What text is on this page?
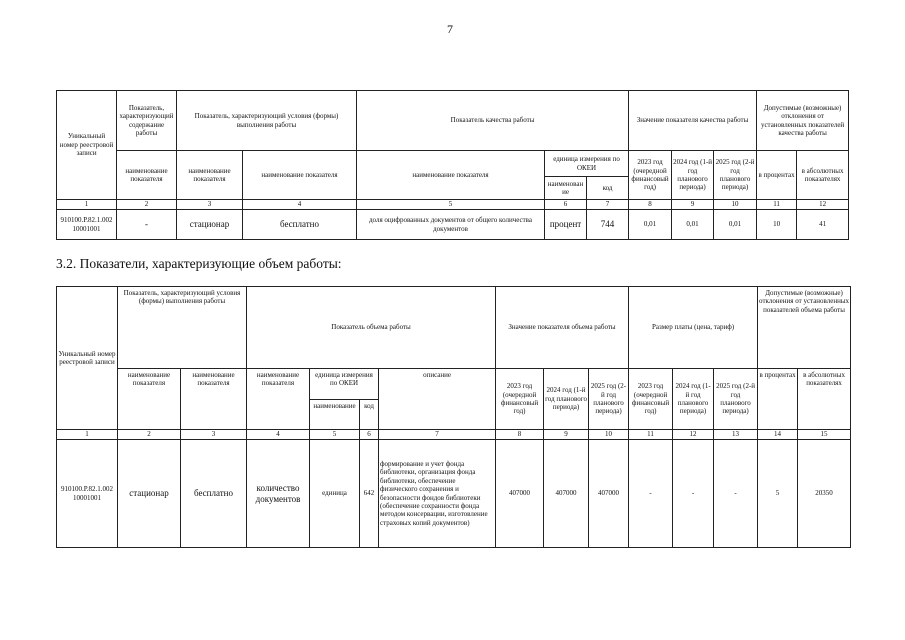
7
Уникальный номер реестровой записи	Показатель, характеризующий содержание работы	Показатель, характеризующий условия (формы) выполнения работы		Показатель качества работы			Значение показателя качества работы			Допустимые (возможные) отклонения от установленных показателей качества работы	
	наименование показателя	наименование показателя	наименование показателя	наименование показателя	единица измерения по ОКЕИ		2023 год (очередной финансовый год)	2024 год (1-й год планового периода)	2025 год (2-й год планового периода)	в процентах	в абсолютных показателях
					наименован ие	код					
1	2	3	4	5	6	7	8	9	10	11	12
910100.Р.82.1.002 10001001	-	стационар	бесплатно	доля оцифрованных документов от общего количества документов	процент	744	0,01	0,01	0,01	10	41
3.2. Показатели, характеризующие объем работы:
Уникальный номер реестровой записи	Показатель, характеризующий условия (формы) выполнения работы		Показатель объема работы				Значение показателя объема работы			Размер платы (цена, тариф)			Допустимые (возможные) отклонения от установленных показателей объема работы	
	наименование показателя	наименование показателя	наименование показателя	единица измерения по ОКЕИ		описание	2023 год (очередной финансовый год)	2024 год (1-й год планового периода)	2025 год (2-й год планового периода)	2023 год (очередной финансовый год)	2024 год (1-й год планового периода)	2025 год (2-й год планового периода)	в процентах	в абсолютных показателях
				наименование	код									
1	2	3	4	5	6	7	8	9	10	11	12	13	14	15
910100.Р.82.1.002 10001001	стационар	бесплатно	количество документов	единица	642	формирование и учет фонда библиотеки, организация фонда библиотеки, обеспечение физического сохранения и безопасности фондов библиотеки (обеспечение сохранности фонда методом консервации, изготовление страховых копий документов)	407000	407000	407000	-	-	-	5	20350
